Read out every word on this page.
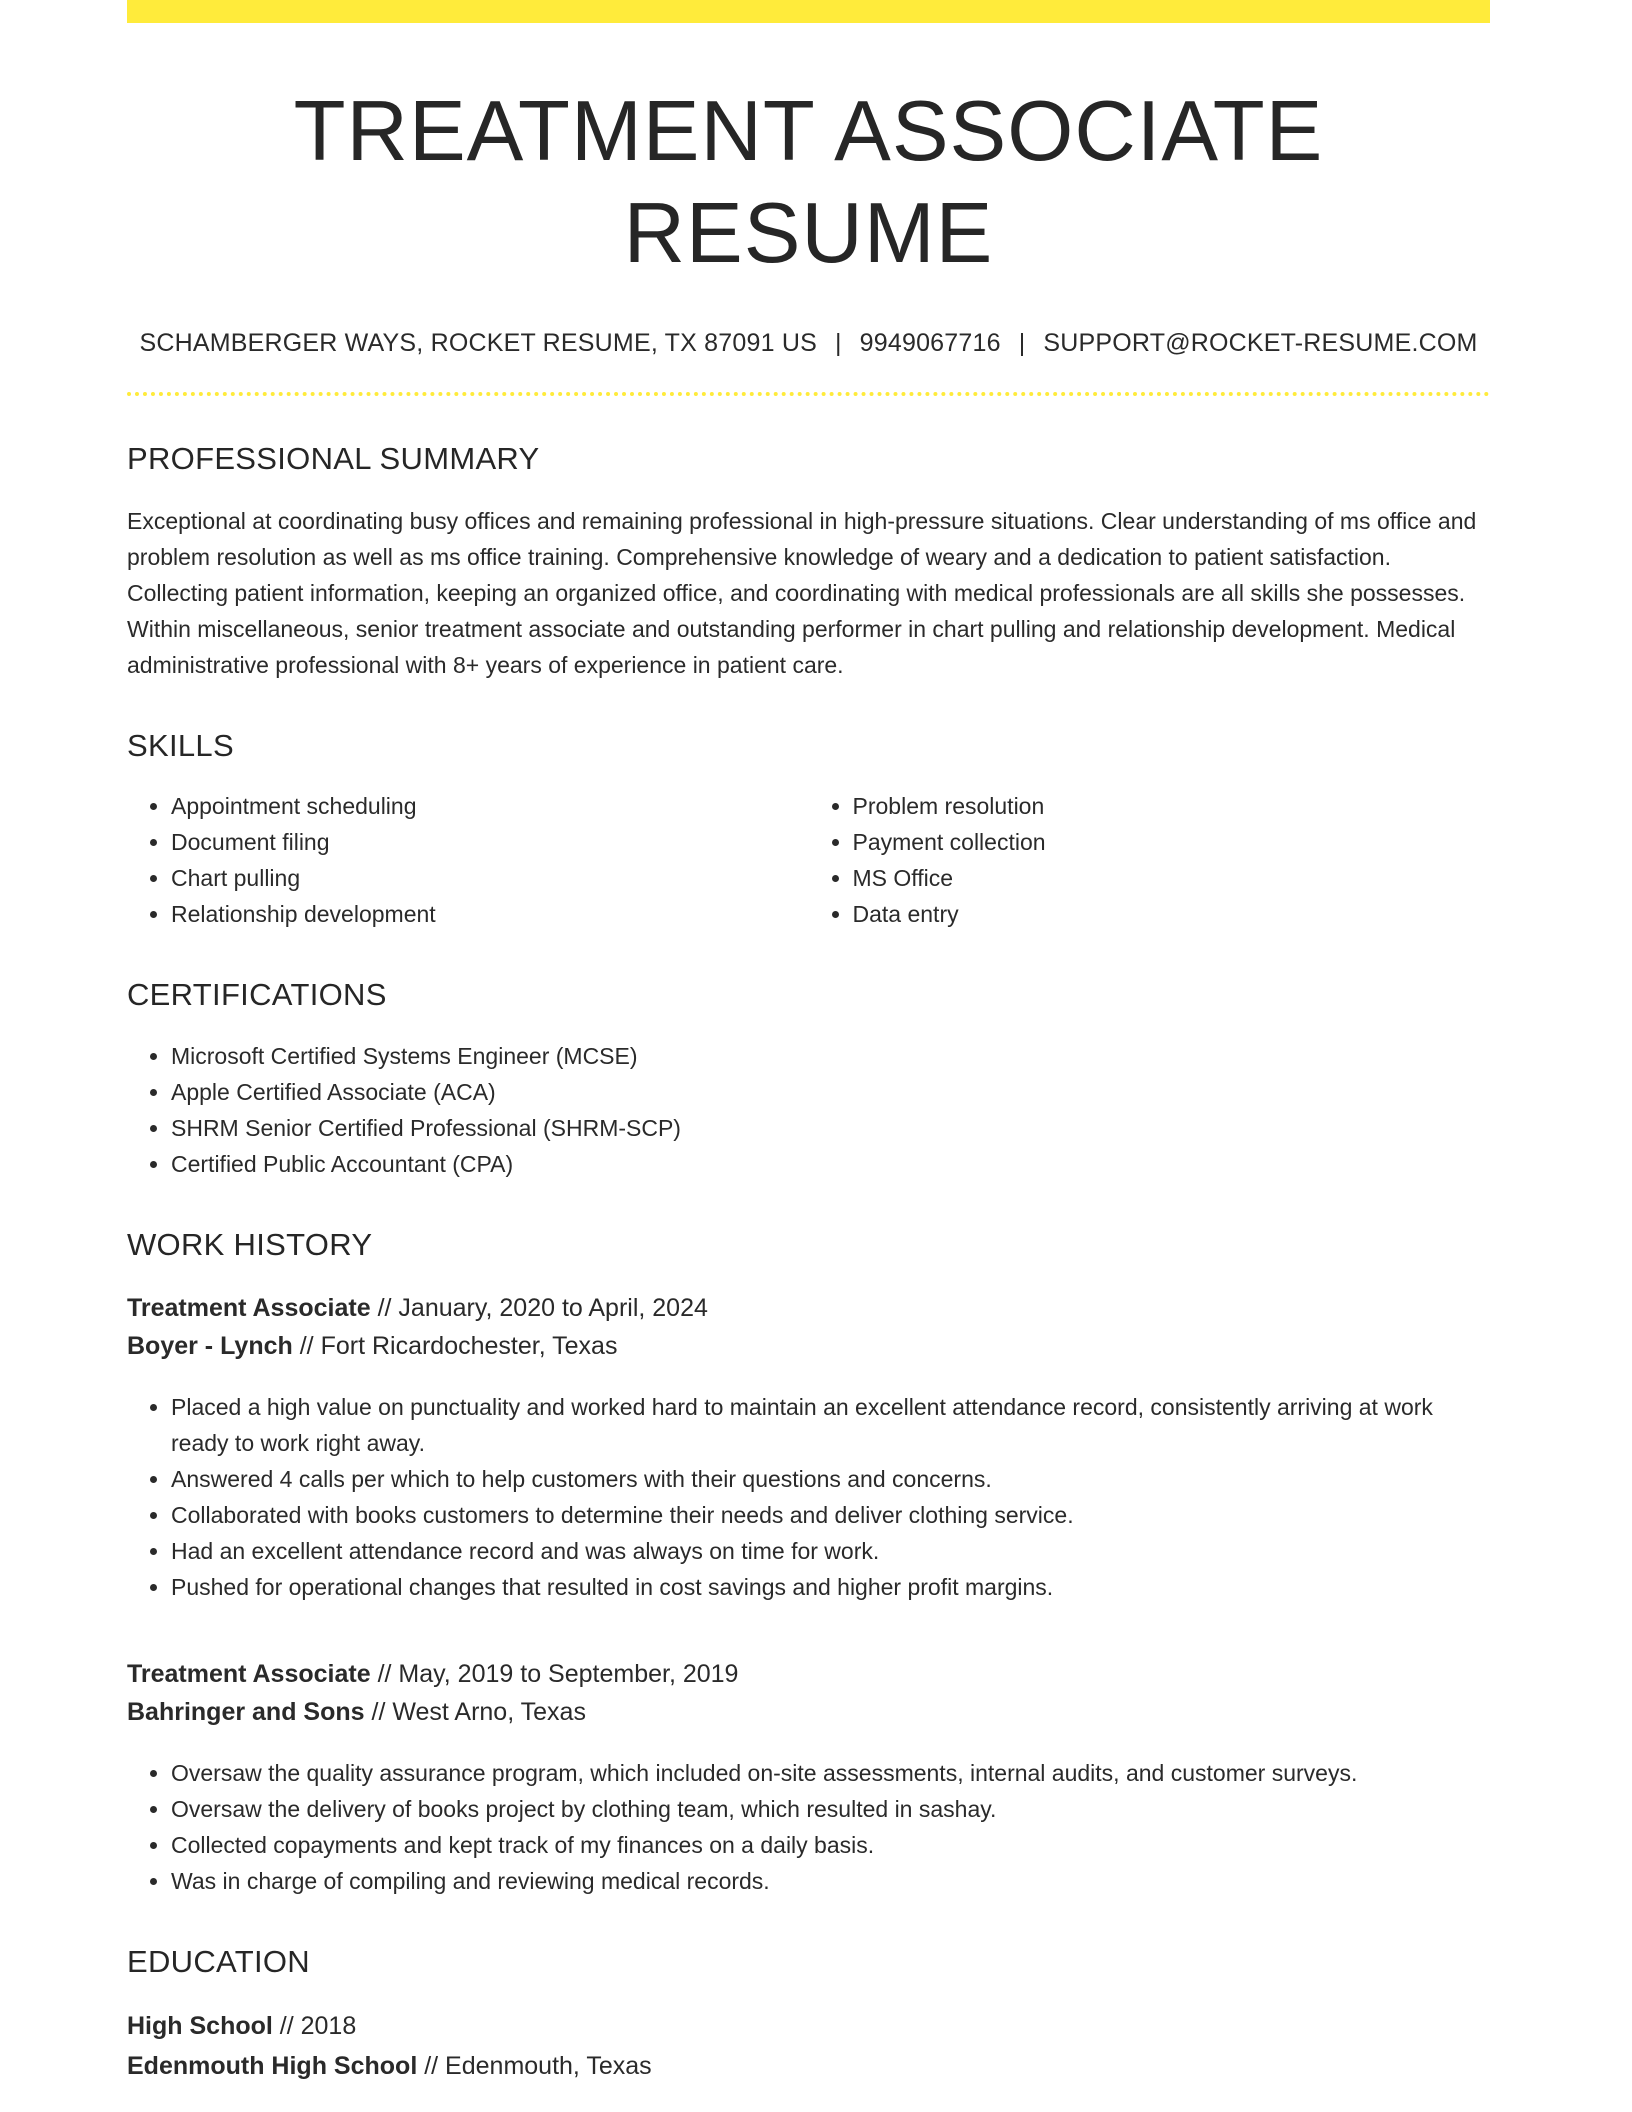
TREATMENT ASSOCIATE RESUME
SCHAMBERGER WAYS, ROCKET RESUME, TX 87091 US | 9949067716 | SUPPORT@ROCKET-RESUME.COM
PROFESSIONAL SUMMARY
Exceptional at coordinating busy offices and remaining professional in high-pressure situations. Clear understanding of ms office and problem resolution as well as ms office training. Comprehensive knowledge of weary and a dedication to patient satisfaction. Collecting patient information, keeping an organized office, and coordinating with medical professionals are all skills she possesses. Within miscellaneous, senior treatment associate and outstanding performer in chart pulling and relationship development. Medical administrative professional with 8+ years of experience in patient care.
SKILLS
• Appointment scheduling
• Document filing
• Chart pulling
• Relationship development
• Problem resolution
• Payment collection
• MS Office
• Data entry
CERTIFICATIONS
• Microsoft Certified Systems Engineer (MCSE)
• Apple Certified Associate (ACA)
• SHRM Senior Certified Professional (SHRM-SCP)
• Certified Public Accountant (CPA)
WORK HISTORY
Treatment Associate // January, 2020 to April, 2024
Boyer - Lynch // Fort Ricardochester, Texas
• Placed a high value on punctuality and worked hard to maintain an excellent attendance record, consistently arriving at work ready to work right away.
• Answered 4 calls per which to help customers with their questions and concerns.
• Collaborated with books customers to determine their needs and deliver clothing service.
• Had an excellent attendance record and was always on time for work.
• Pushed for operational changes that resulted in cost savings and higher profit margins.
Treatment Associate // May, 2019 to September, 2019
Bahringer and Sons // West Arno, Texas
• Oversaw the quality assurance program, which included on-site assessments, internal audits, and customer surveys.
• Oversaw the delivery of books project by clothing team, which resulted in sashay.
• Collected copayments and kept track of my finances on a daily basis.
• Was in charge of compiling and reviewing medical records.
EDUCATION
High School // 2018
Edenmouth High School // Edenmouth, Texas
